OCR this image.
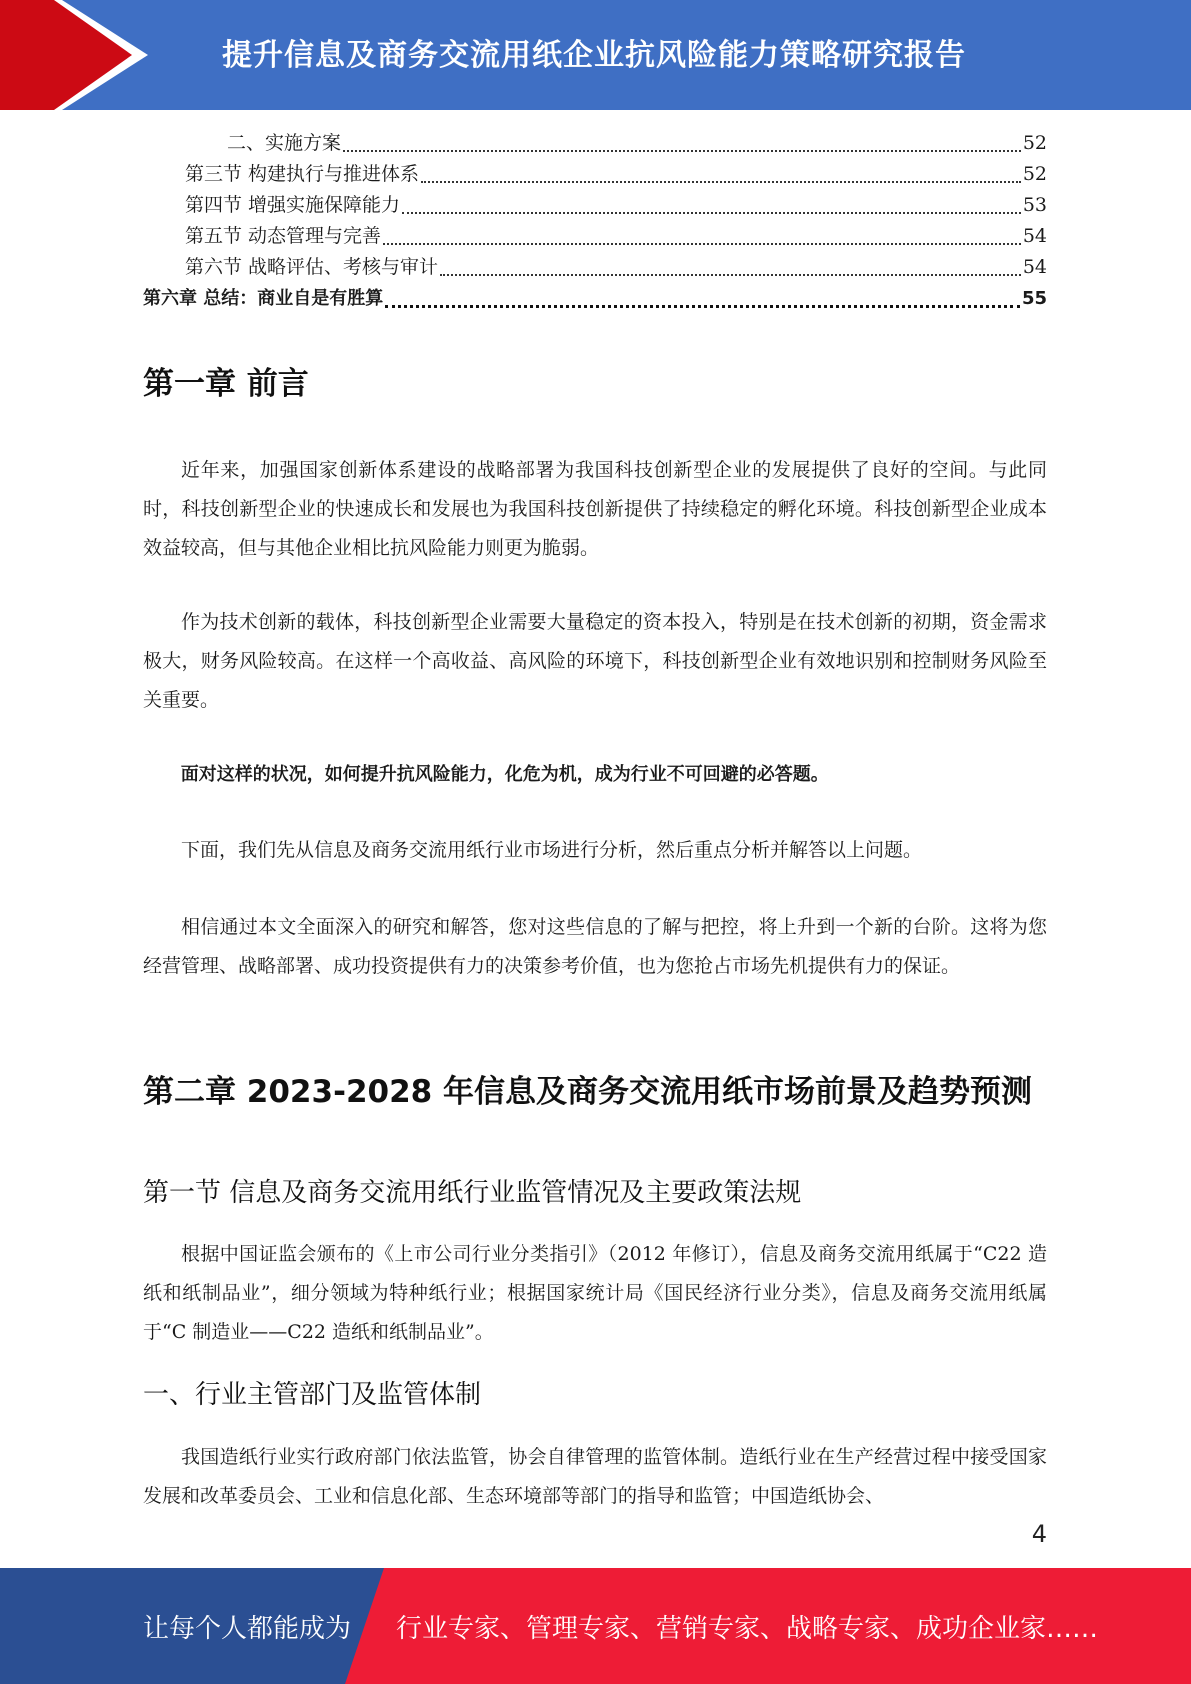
提升信息及商务交流用纸企业抗风险能力策略研究报告
二、实施方案	52
第三节 构建执行与推进体系	52
第四节 增强实施保障能力	53
第五节 动态管理与完善	54
第六节 战略评估、考核与审计	54
第六章 总结：商业自是有胜算	55
第一章 前言

近年来，加强国家创新体系建设的战略部署为我国科技创新型企业的发展提供了良好的空间。与此同时，科技创新型企业的快速成长和发展也为我国科技创新提供了持续稳定的孵化环境。科技创新型企业成本效益较高，但与其他企业相比抗风险能力则更为脆弱。

作为技术创新的载体，科技创新型企业需要大量稳定的资本投入，特别是在技术创新的初期，资金需求极大，财务风险较高。在这样一个高收益、高风险的环境下，科技创新型企业有效地识别和控制财务风险至关重要。

面对这样的状况，如何提升抗风险能力，化危为机，成为行业不可回避的必答题。

下面，我们先从信息及商务交流用纸行业市场进行分析，然后重点分析并解答以上问题。

相信通过本文全面深入的研究和解答，您对这些信息的了解与把控，将上升到一个新的台阶。这将为您经营管理、战略部署、成功投资提供有力的决策参考价值，也为您抢占市场先机提供有力的保证。

第二章 2023-2028 年信息及商务交流用纸市场前景及趋势预测
第一节 信息及商务交流用纸行业监管情况及主要政策法规

根据中国证监会颁布的《上市公司行业分类指引》（2012 年修订），信息及商务交流用纸属于“C22 造纸和纸制品业”，细分领域为特种纸行业；根据国家统计局《国民经济行业分类》，信息及商务交流用纸属于“C 制造业——C22 造纸和纸制品业”。

一、行业主管部门及监管体制

我国造纸行业实行政府部门依法监管，协会自律管理的监管体制。造纸行业在生产经营过程中接受国家发展和改革委员会、工业和信息化部、生态环境部等部门的指导和监管；中国造纸协会、

4
让每个人都能成为 行业专家、管理专家、营销专家、战略专家、成功企业家……
